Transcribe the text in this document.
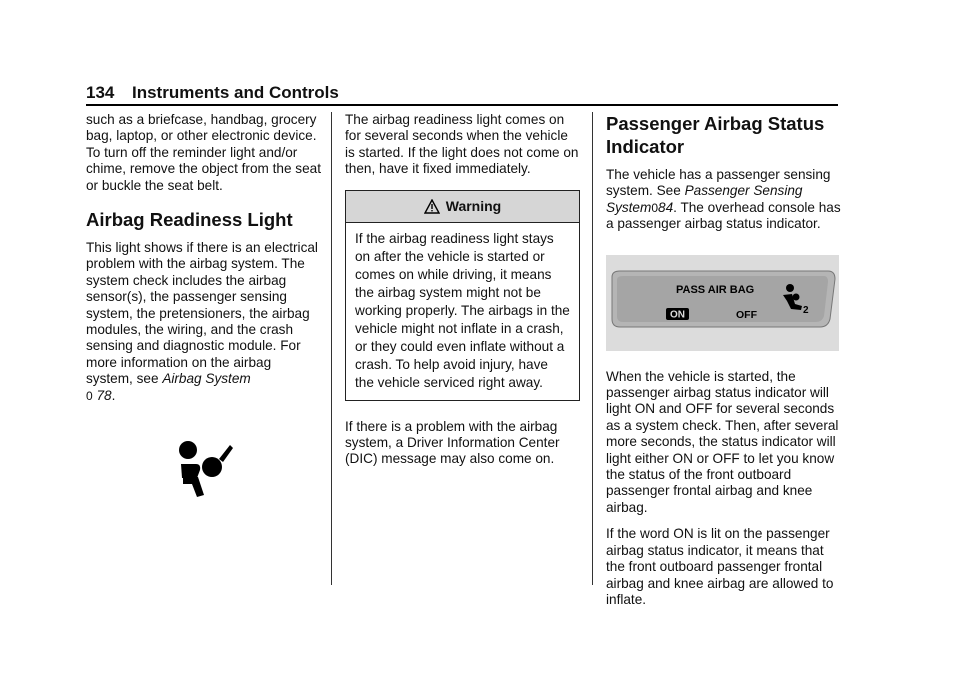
134 Instruments and Controls

such as a briefcase, handbag, grocery bag, laptop, or other electronic device. To turn off the reminder light and/or chime, remove the object from the seat or buckle the seat belt.

Airbag Readiness Light

This light shows if there is an electrical problem with the airbag system. The system check includes the airbag sensor(s), the passenger sensing system, the pretensioners, the airbag modules, the wiring, and the crash sensing and diagnostic module. For more information on the airbag system, see Airbag System
0 78.

The airbag readiness light comes on for several seconds when the vehicle is started. If the light does not come on then, have it fixed immediately.

Warning
If the airbag readiness light stays on after the vehicle is started or comes on while driving, it means the airbag system might not be working properly. The airbags in the vehicle might not inflate in a crash, or they could even inflate without a crash. To help avoid injury, have the vehicle serviced right away.

If there is a problem with the airbag system, a Driver Information Center (DIC) message may also come on.

Passenger Airbag Status Indicator

The vehicle has a passenger sensing system. See Passenger Sensing System084. The overhead console has a passenger airbag status indicator.

PASS AIR BAG
ON	OFF	2

When the vehicle is started, the passenger airbag status indicator will light ON and OFF for several seconds as a system check. Then, after several more seconds, the status indicator will light either ON or OFF to let you know the status of the front outboard passenger frontal airbag and knee airbag.

If the word ON is lit on the passenger airbag status indicator, it means that the front outboard passenger frontal airbag and knee airbag are allowed to inflate.
